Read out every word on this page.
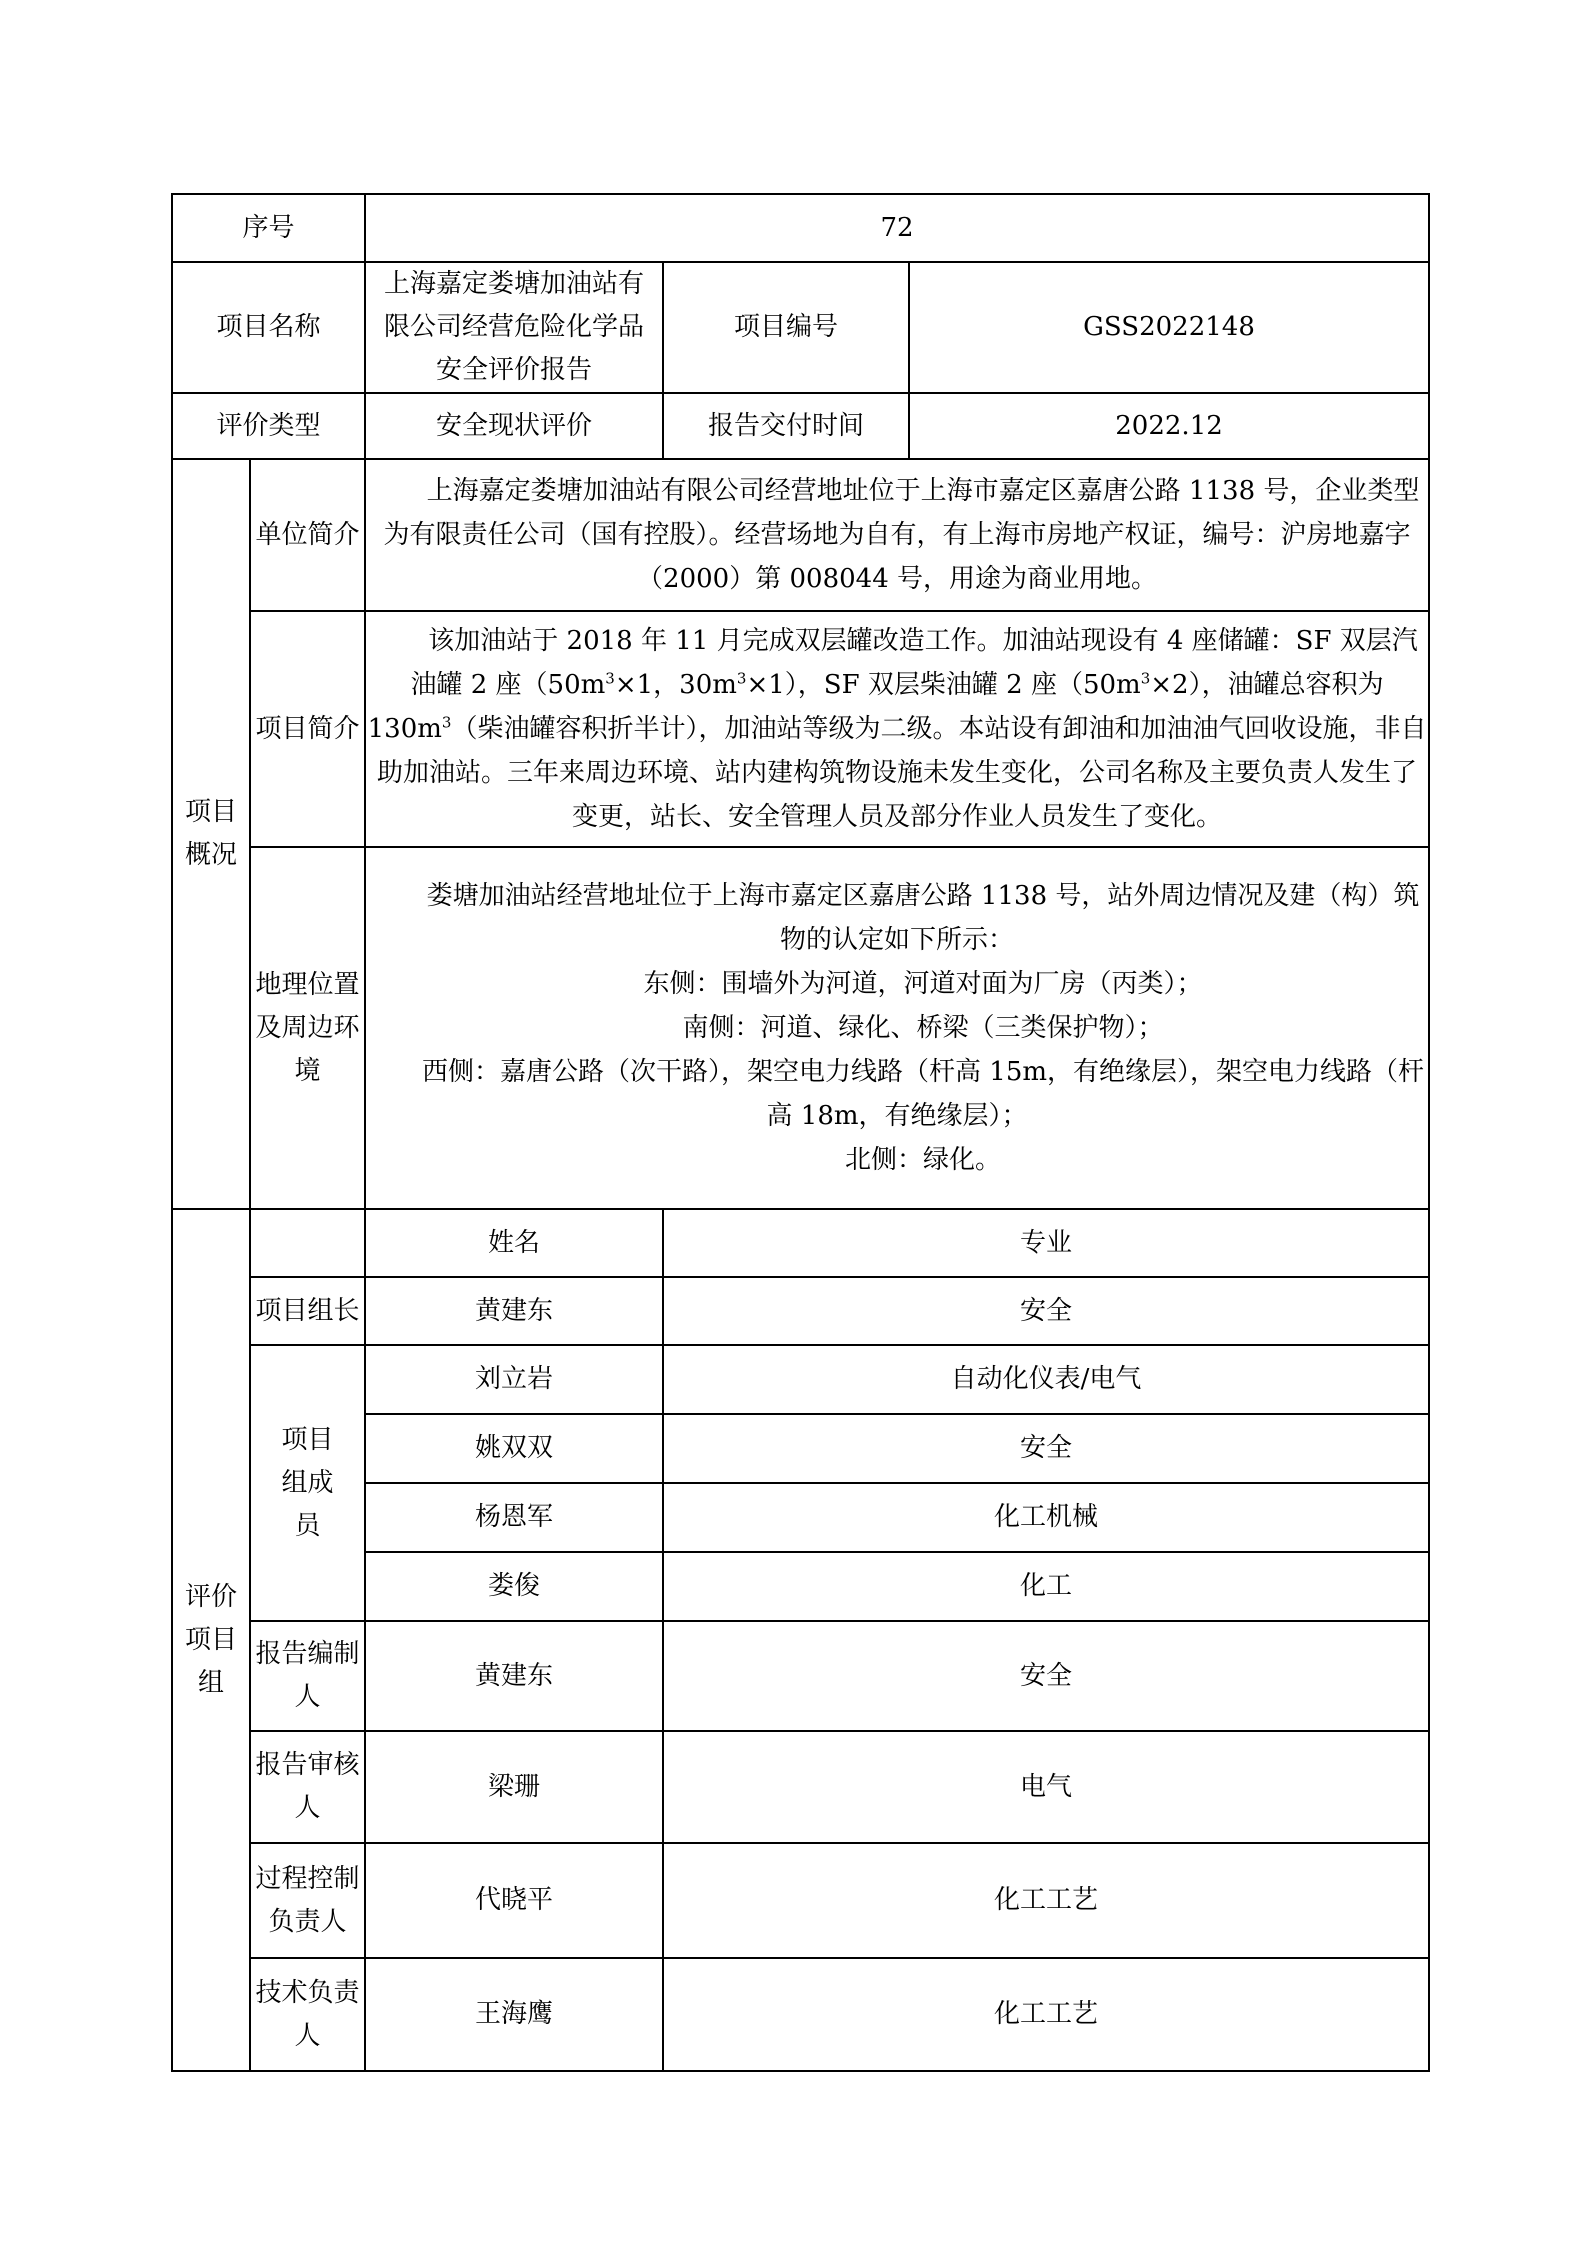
序号		72		
项目名称		上海嘉定娄塘加油站有限公司经营危险化学品安全评价报告	项目编号	GSS2022148
评价类型		安全现状评价	报告交付时间	2022.12
项目概况	单位简介	上海嘉定娄塘加油站有限公司经营地址位于上海市嘉定区嘉唐公路 1138 号，企业类型为有限责任公司（国有控股）。经营场地为自有，有上海市房地产权证，编号：沪房地嘉字（2000）第 008044 号，用途为商业用地。		

	项目简介	该加油站于 2018 年 11 月完成双层罐改造工作。加油站现设有 4 座储罐：SF 双层汽油罐 2 座（$50m^3\times 1$，$30m^3\times 1$），SF 双层柴油罐 2 座$(50m^3\times 2)$，油罐总容积为 $130m^3$（柴油罐容积折半计），加油站等级为二级。本站设有卸油和加油油气回收设施，非自助加油站。三年来周边环境、站内建构筑物设施未发生变化，公司名称及主要负责人发生了变更，站长、安全管理人员及部分作业人员发生了变化。		

	地理位置及周边环境	娄塘加油站经营地址位于上海市嘉定区嘉唐公路 1138 号，站外周边情况及建（构）筑物的认定如下所示：

东侧：围墙外为河道，河道对面为厂房（丙类）；

南侧：河道、绿化、桥梁（三类保护物）；

西侧：嘉唐公路（次干路），架空电力线路（杆高 15m，有绝缘层），架空电力线路（杆高 18m，有绝缘层）；

北侧：绿化。		

评价项目组		姓名	专业	
	项目组长	黄建东	安全	
	项目组成员	刘立岩	自动化仪表/电气	
		姚双双	安全	
		杨恩军	化工机械	
		娄俊	化工	
	报告编制人	黄建东	安全	
	报告审核人	梁珊	电气	
	过程控制负责人	代晓平	化工工艺	
	技术负责人	王海鹰	化工工艺	
